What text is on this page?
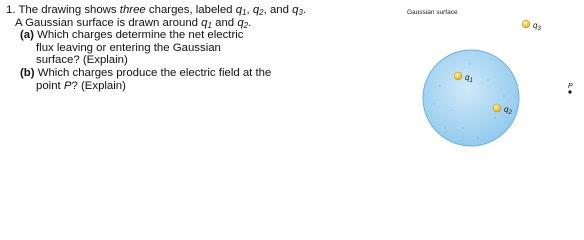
1. The drawing shows three charges, labeled $q_1$, $q_2$, and $q_3$.
A Gaussian surface is drawn around $q_1$ and $q_2$.
(a) Which charges determine the net electric
flux leaving or entering the Gaussian
surface? (Explain)
(b) Which charges produce the electric field at the
point P? (Explain)
Gaussian surface
$q_1$
$q_2$
$q_3$
P
